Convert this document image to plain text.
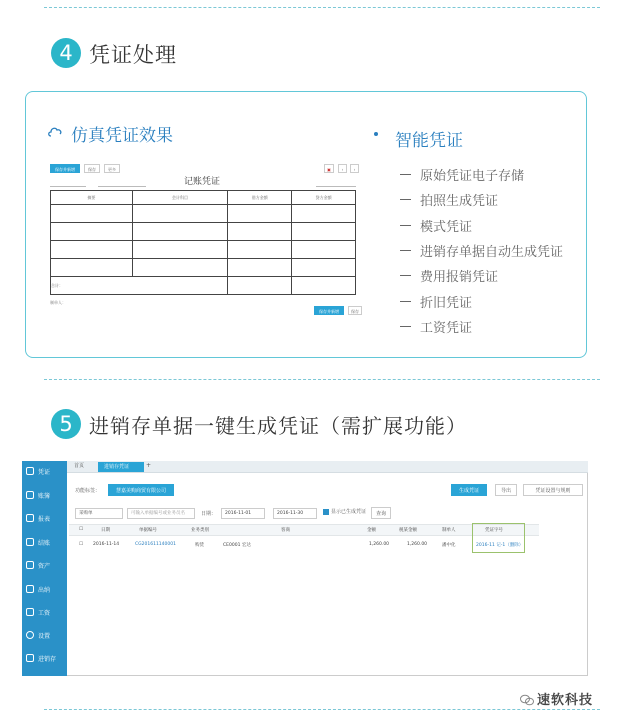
4 凭证处理
仿真凭证效果
保存并新增	保存	更多	‹	›
▣
记账凭证
摘要	会计科目	借方金额	贷方金额

合计：			
制单人：
保存并新增	保存
智能凭证
原始凭证电子存储
拍照生成凭证
模式凭证
进销存单据自动生成凭证
费用报销凭证
折旧凭证
工资凭证
5 进销存单据一键生成凭证（需扩展功能）
慧嘉美购商贸有限公司
功能标签：	生成凭证	导出	凭证设置与规则
采购单	可输入单据编号或业务员名	日期：	2016-11-01	2016-11-30	显示已生成凭证	查询
☐	日期	单据编号	业务类别	客商	金额	税某金额	制单人	凭证字号
☐ 2016-11-14	CG201611140001	购货	CE0001 宏达	1,260.00	1,260.00	潘中化	2016-11 记-1（删除）
凭证
账簿
报表
结账
资产
出纳
工资
设置
进销存
首页	进销存凭证	+
速软科技
